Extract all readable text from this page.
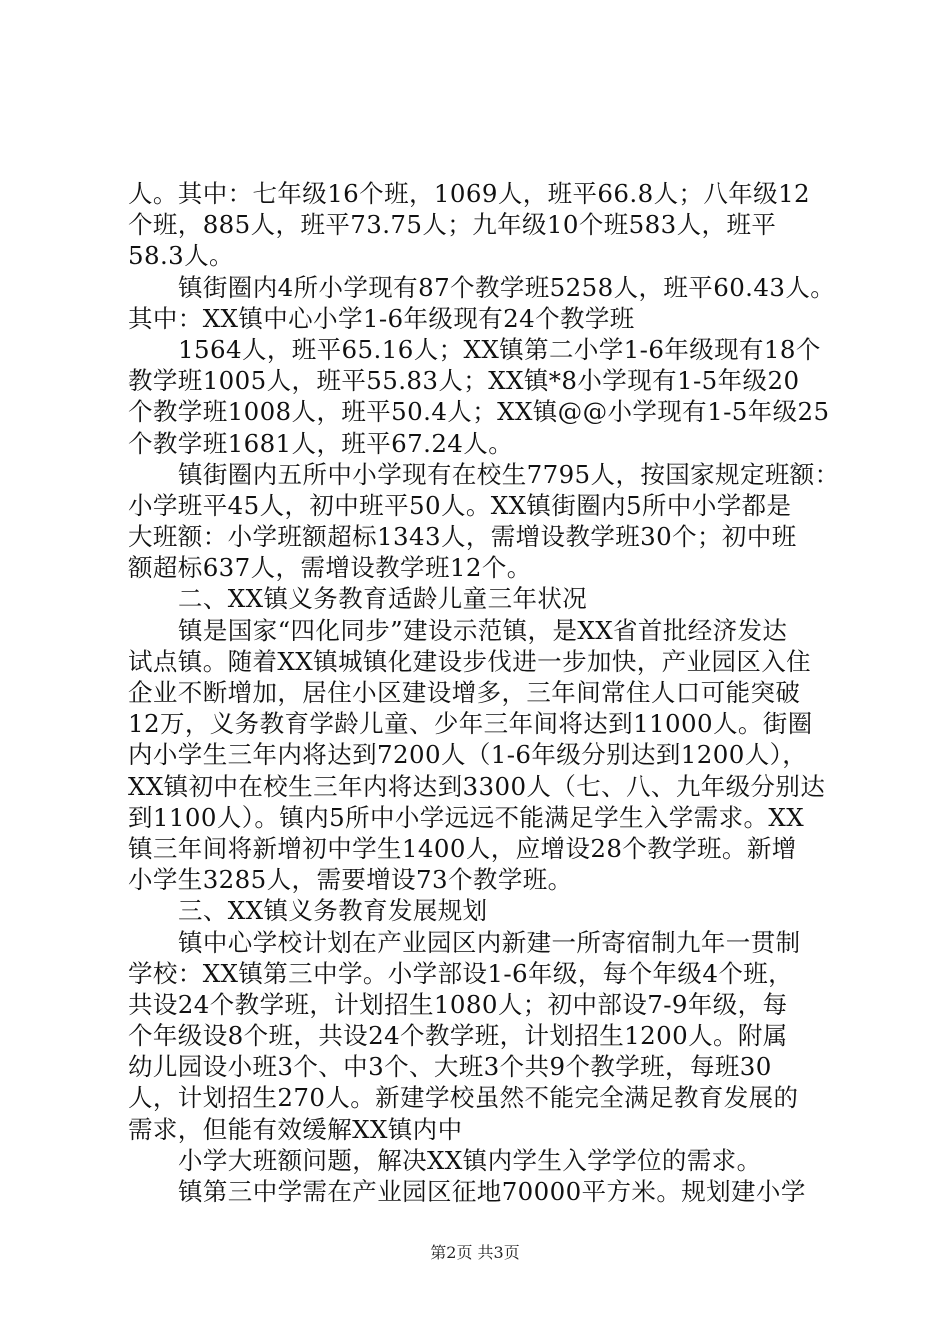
人。其中：七年级16个班，1069人，班平66.8人；八年级12
个班，885人，班平73.75人；九年级10个班583人，班平
58.3人。
镇街圈内4所小学现有87个教学班5258人，班平60.43人。
其中：XX镇中心小学1-6年级现有24个教学班
1564人，班平65.16人；XX镇第二小学1-6年级现有18个
教学班1005人，班平55.83人；XX镇*8小学现有1-5年级20
个教学班1008人，班平50.4人；XX镇@@小学现有1-5年级25
个教学班1681人，班平67.24人。
镇街圈内五所中小学现有在校生7795人，按国家规定班额：
小学班平45人，初中班平50人。XX镇街圈内5所中小学都是
大班额：小学班额超标1343人，需增设教学班30个；初中班
额超标637人，需增设教学班12个。
二、XX镇义务教育适龄儿童三年状况
镇是国家“四化同步”建设示范镇，是XX省首批经济发达
试点镇。随着XX镇城镇化建设步伐进一步加快，产业园区入住
企业不断增加，居住小区建设增多，三年间常住人口可能突破
12万，义务教育学龄儿童、少年三年间将达到11000人。街圈
内小学生三年内将达到7200人（1-6年级分别达到1200人），
XX镇初中在校生三年内将达到3300人（七、八、九年级分别达
到1100人）。镇内5所中小学远远不能满足学生入学需求。XX
镇三年间将新增初中学生1400人，应增设28个教学班。新增
小学生3285人，需要增设73个教学班。
三、XX镇义务教育发展规划
镇中心学校计划在产业园区内新建一所寄宿制九年一贯制
学校：XX镇第三中学。小学部设1-6年级，每个年级4个班，
共设24个教学班，计划招生1080人；初中部设7-9年级，每
个年级设8个班，共设24个教学班，计划招生1200人。附属
幼儿园设小班3个、中3个、大班3个共9个教学班，每班30
人，计划招生270人。新建学校虽然不能完全满足教育发展的
需求，但能有效缓解XX镇内中
小学大班额问题，解决XX镇内学生入学学位的需求。
镇第三中学需在产业园区征地70000平方米。规划建小学
第2页 共3页
